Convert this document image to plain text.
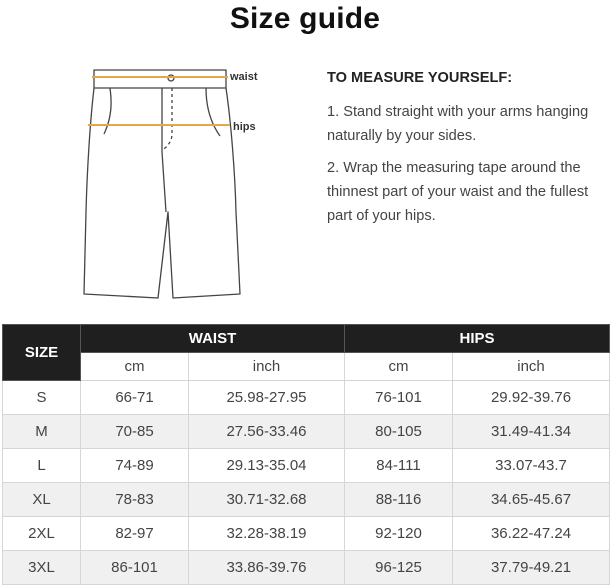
Size guide
waist
hips
TO MEASURE YOURSELF:

1. Stand straight with your arms hanging naturally by your sides.

2. Wrap the measuring tape around the thinnest part of your waist and the fullest part of your hips.

SIZE	WAIST		HIPS	
	cm	inch	cm	inch
S	66-71	25.98-27.95	76-101	29.92-39.76
M	70-85	27.56-33.46	80-105	31.49-41.34
L	74-89	29.13-35.04	84-111	33.07-43.7
XL	78-83	30.71-32.68	88-116	34.65-45.67
2XL	82-97	32.28-38.19	92-120	36.22-47.24
3XL	86-101	33.86-39.76	96-125	37.79-49.21
